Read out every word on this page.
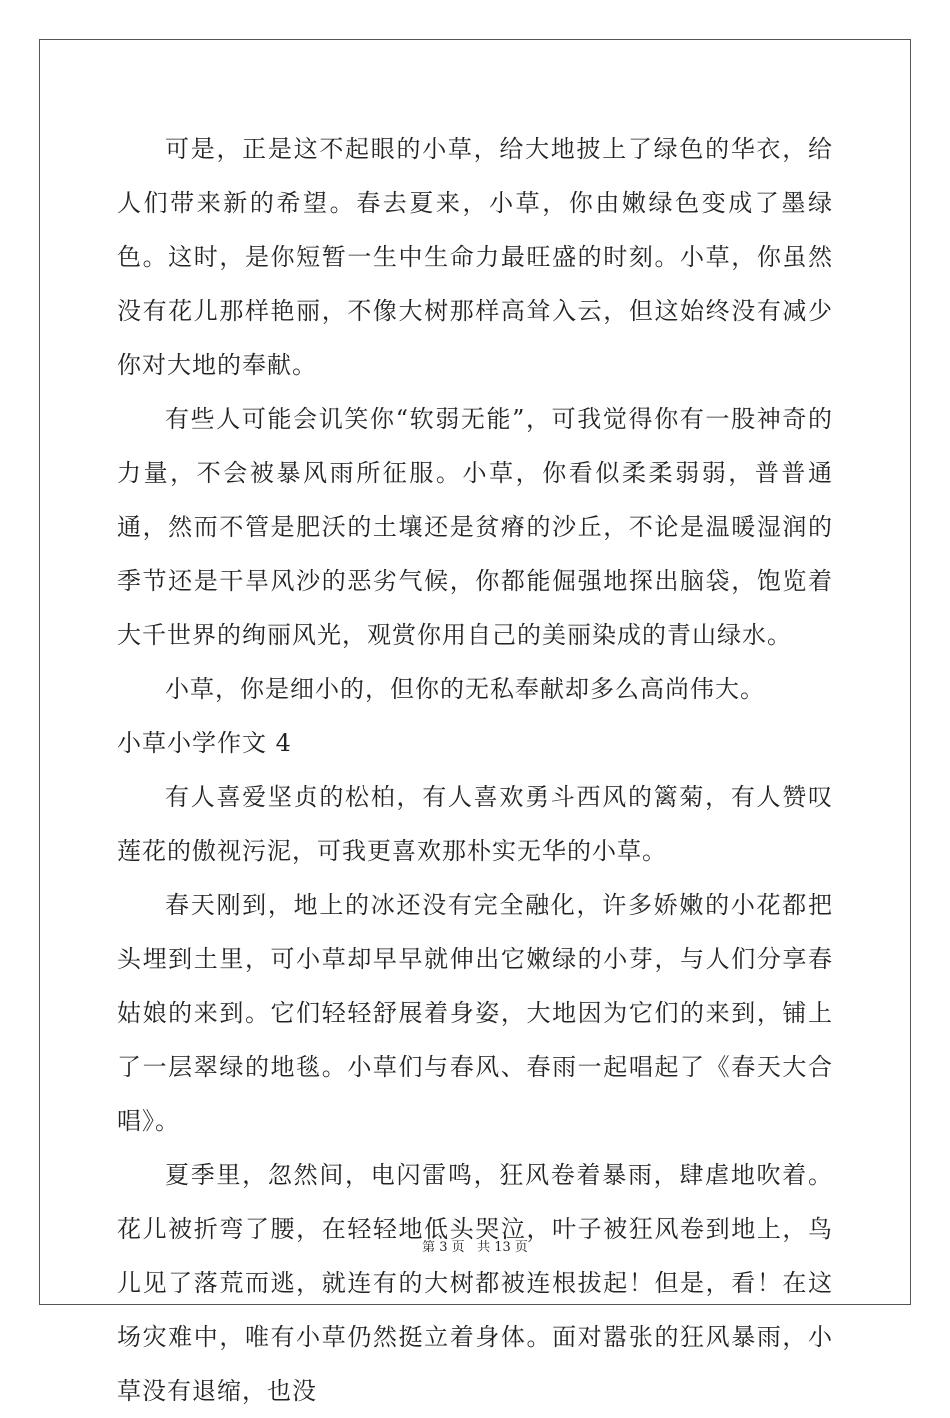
可是，正是这不起眼的小草，给大地披上了绿色的华衣，给人们带来新的希望。春去夏来，小草，你由嫩绿色变成了墨绿色。这时，是你短暂一生中生命力最旺盛的时刻。小草，你虽然没有花儿那样艳丽，不像大树那样高耸入云，但这始终没有减少你对大地的奉献。

有些人可能会讥笑你“软弱无能”，可我觉得你有一股神奇的力量，不会被暴风雨所征服。小草，你看似柔柔弱弱，普普通通，然而不管是肥沃的土壤还是贫瘠的沙丘，不论是温暖湿润的季节还是干旱风沙的恶劣气候，你都能倔强地探出脑袋，饱览着大千世界的绚丽风光，观赏你用自己的美丽染成的青山绿水。

小草，你是细小的，但你的无私奉献却多么高尚伟大。

小草小学作文 4

有人喜爱坚贞的松柏，有人喜欢勇斗西风的篱菊，有人赞叹莲花的傲视污泥，可我更喜欢那朴实无华的小草。

春天刚到，地上的冰还没有完全融化，许多娇嫩的小花都把头埋到土里，可小草却早早就伸出它嫩绿的小芽，与人们分享春姑娘的来到。它们轻轻舒展着身姿，大地因为它们的来到，铺上了一层翠绿的地毯。小草们与春风、春雨一起唱起了《春天大合唱》。

夏季里，忽然间，电闪雷鸣，狂风卷着暴雨，肆虐地吹着。花儿被折弯了腰，在轻轻地低头哭泣，叶子被狂风卷到地上，鸟儿见了落荒而逃，就连有的大树都被连根拔起！但是，看！在这场灾难中，唯有小草仍然挺立着身体。面对嚣张的狂风暴雨，小草没有退缩，也没

第 3 页 共 13 页
